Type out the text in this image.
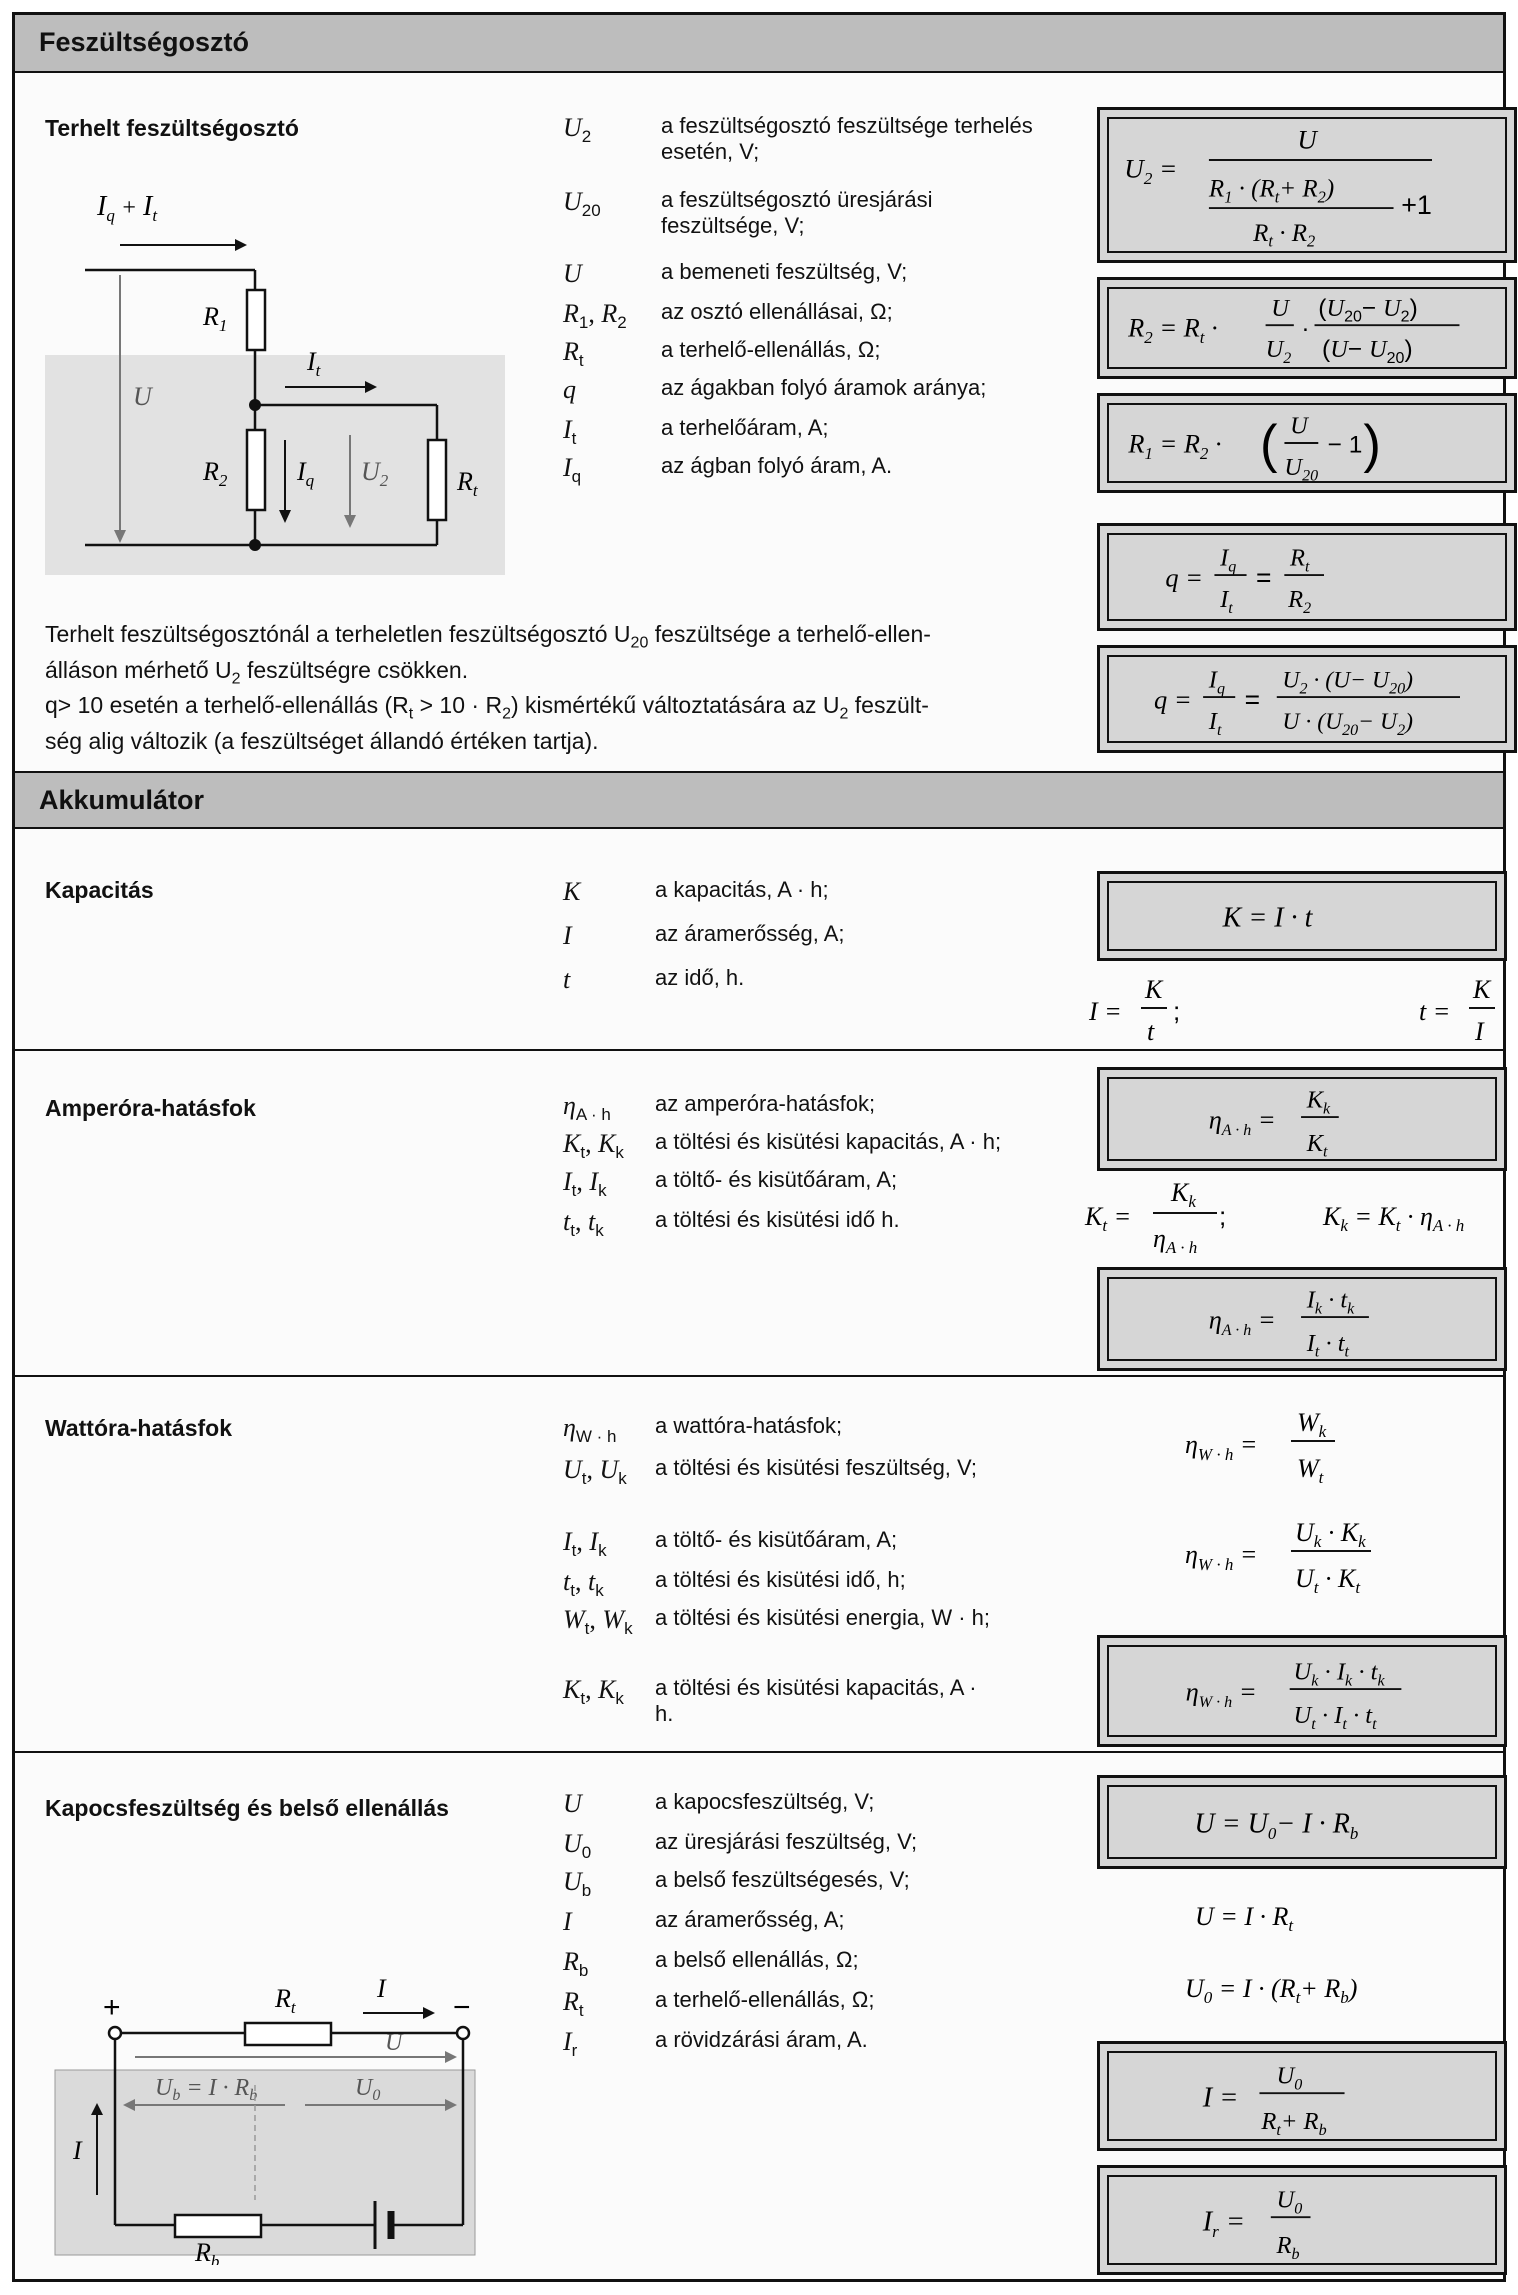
Feszültségosztó
Terhelt feszültségosztó
$I_q + I_t$
$R_1$
$I_t$
$R_2$	$I_q$ $U_2$	$R_t$
U
$U_2$	a feszültségosztó feszültsége terhelés esetén, V;
$U_{20}$	a feszültségosztó üresjárási feszültsége, V;
U	a bemeneti feszültség, V;
$R_1$, $R_2$ az osztó ellenállásai, Ω;
$R_t$	a terhelő-ellenállás, Ω;
q	az ágakban folyó áramok aránya;
$I_t$	a terhelőáram, A;
$I_q$	az ágban folyó áram, A.
Terhelt feszültségosztónál a terheletlen feszültségosztó $U_{20}$ feszültsége a terhelő-ellen-
álláson mérhető $U_2$ feszültségre csökken.
q> 10 esetén a terhelő-ellenállás $(R_t > 10 \cdot R_2)$ kismértékű változtatására az $U_2$ feszült-
ség alig változik (a feszültséget állandó értéken tartja).
$U_2$ =
U
$R_1 \cdot (R_t+ R_2)$
$R_t \cdot R_2$
+1
$R_2 = R_t$ ·
U
$U_2$
·
$(U_{20}- U_2)$
$(U- U_{20})$
$R_1 = R_2$ · ( U
$U_{20}$
− 1 )
q =
$I_q$
$I_t$
=
$R_t$
$R_2$
q =
$I_q$
$I_t$
=
$U_2 \cdot (U- U_{20})$
$U \cdot (U_{20}- U_2)$
Akkumulátor
Kapacitás	K	a kapacitás, A · h;
I	az áramerősség, A;
t	az idő, h.
K = I · t
I =
K
t
;	t =
K
I
Amperóra-hatásfok	$\eta_{A \cdot h}$ az amperóra-hatásfok;
$K_t$, $K_k$ a töltési és kisütési kapacitás, A · h;
$I_t$, $I_k$ a töltő- és kisütőáram, A;
$t_t$, $t_k$ a töltési és kisütési idő h.
$\eta_{A \cdot h}$ =
$K_k$
$K_t$
$K_t$ =
$K_k$
$\eta_{A \cdot h}$
;	$K_k = K_t \cdot \eta_{A \cdot h}$
$\eta_{A \cdot h}$ =
$I_k \cdot t_k$
$I_t \cdot t_t$
Wattóra-hatásfok	$\eta_{W \cdot h}$ a wattóra-hatásfok;
$U_t$, $U_k$ a töltési és kisütési feszültség, V;
$I_t$, $I_k$ a töltő- és kisütőáram, A;
$t_t$, $t_k$ a töltési és kisütési idő, h;
$W_t$, $W_k$ a töltési és kisütési energia, W · h;
$K_t$, $K_k$ a töltési és kisütési kapacitás, A · h.
$\eta_{W \cdot h}$ =
$W_k$
$W_t$
$\eta_{W \cdot h}$ =
$U_k \cdot K_k$
$U_t \cdot K_t$
$\eta_{W \cdot h}$ =
$U_k \cdot I_k \cdot t_k$
$U_t \cdot I_t \cdot t_t$
Kapocsfeszültség és belső ellenállás	U	a kapocsfeszültség, V;
$U_0$	az üresjárási feszültség, V;
$U_b$	a belső feszültségesés, V;
I	az áramerősség, A;
$R_b$	a belső ellenállás, Ω;
$R_t$	a terhelő-ellenállás, Ω;
$I_r$	a rövidzárási áram, A.
+	−
$R_t$
I
U
$U_b = I \cdot R_b$	$U_0$
I
$R_b$
$U = U_0- I \cdot R_b$
$U = I \cdot R_t$
$U_0 = I \cdot (R_t+ R_b)$
I =
$U_0$
$R_t+ R_b$
$I_r$ =
$U_0$
$R_b$
